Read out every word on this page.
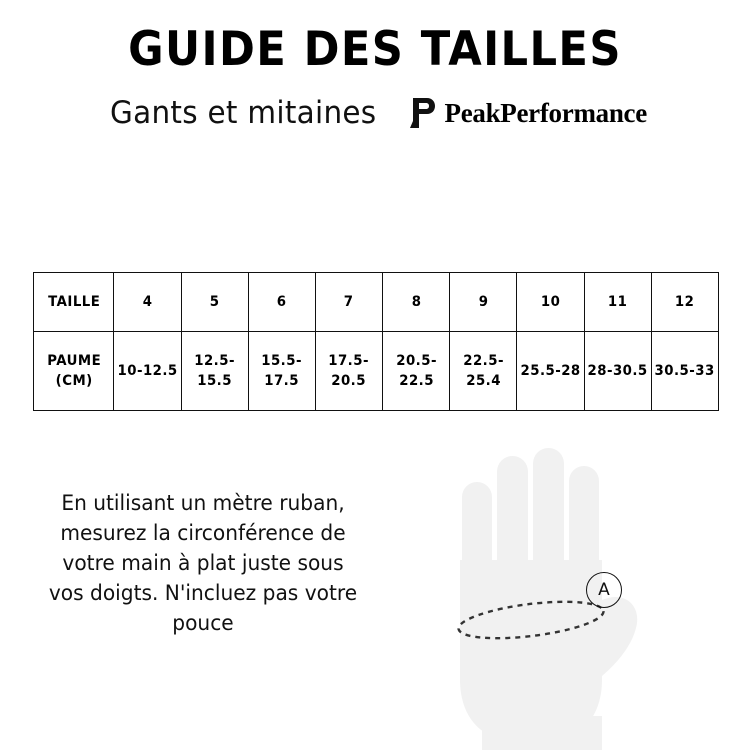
GUIDE DES TAILLES
Gants et mitaines	PeakPerformance
TAILLE	4	5	6	7	8	9	10	11	12
PAUME (CM)	10-12.5	12.5-15.5	15.5-17.5	17.5-20.5	20.5-22.5	22.5-25.4	25.5-28	28-30.5	30.5-33
En utilisant un mètre ruban, mesurez la circonférence de votre main à plat juste sous vos doigts. N'incluez pas votre pouce
A
